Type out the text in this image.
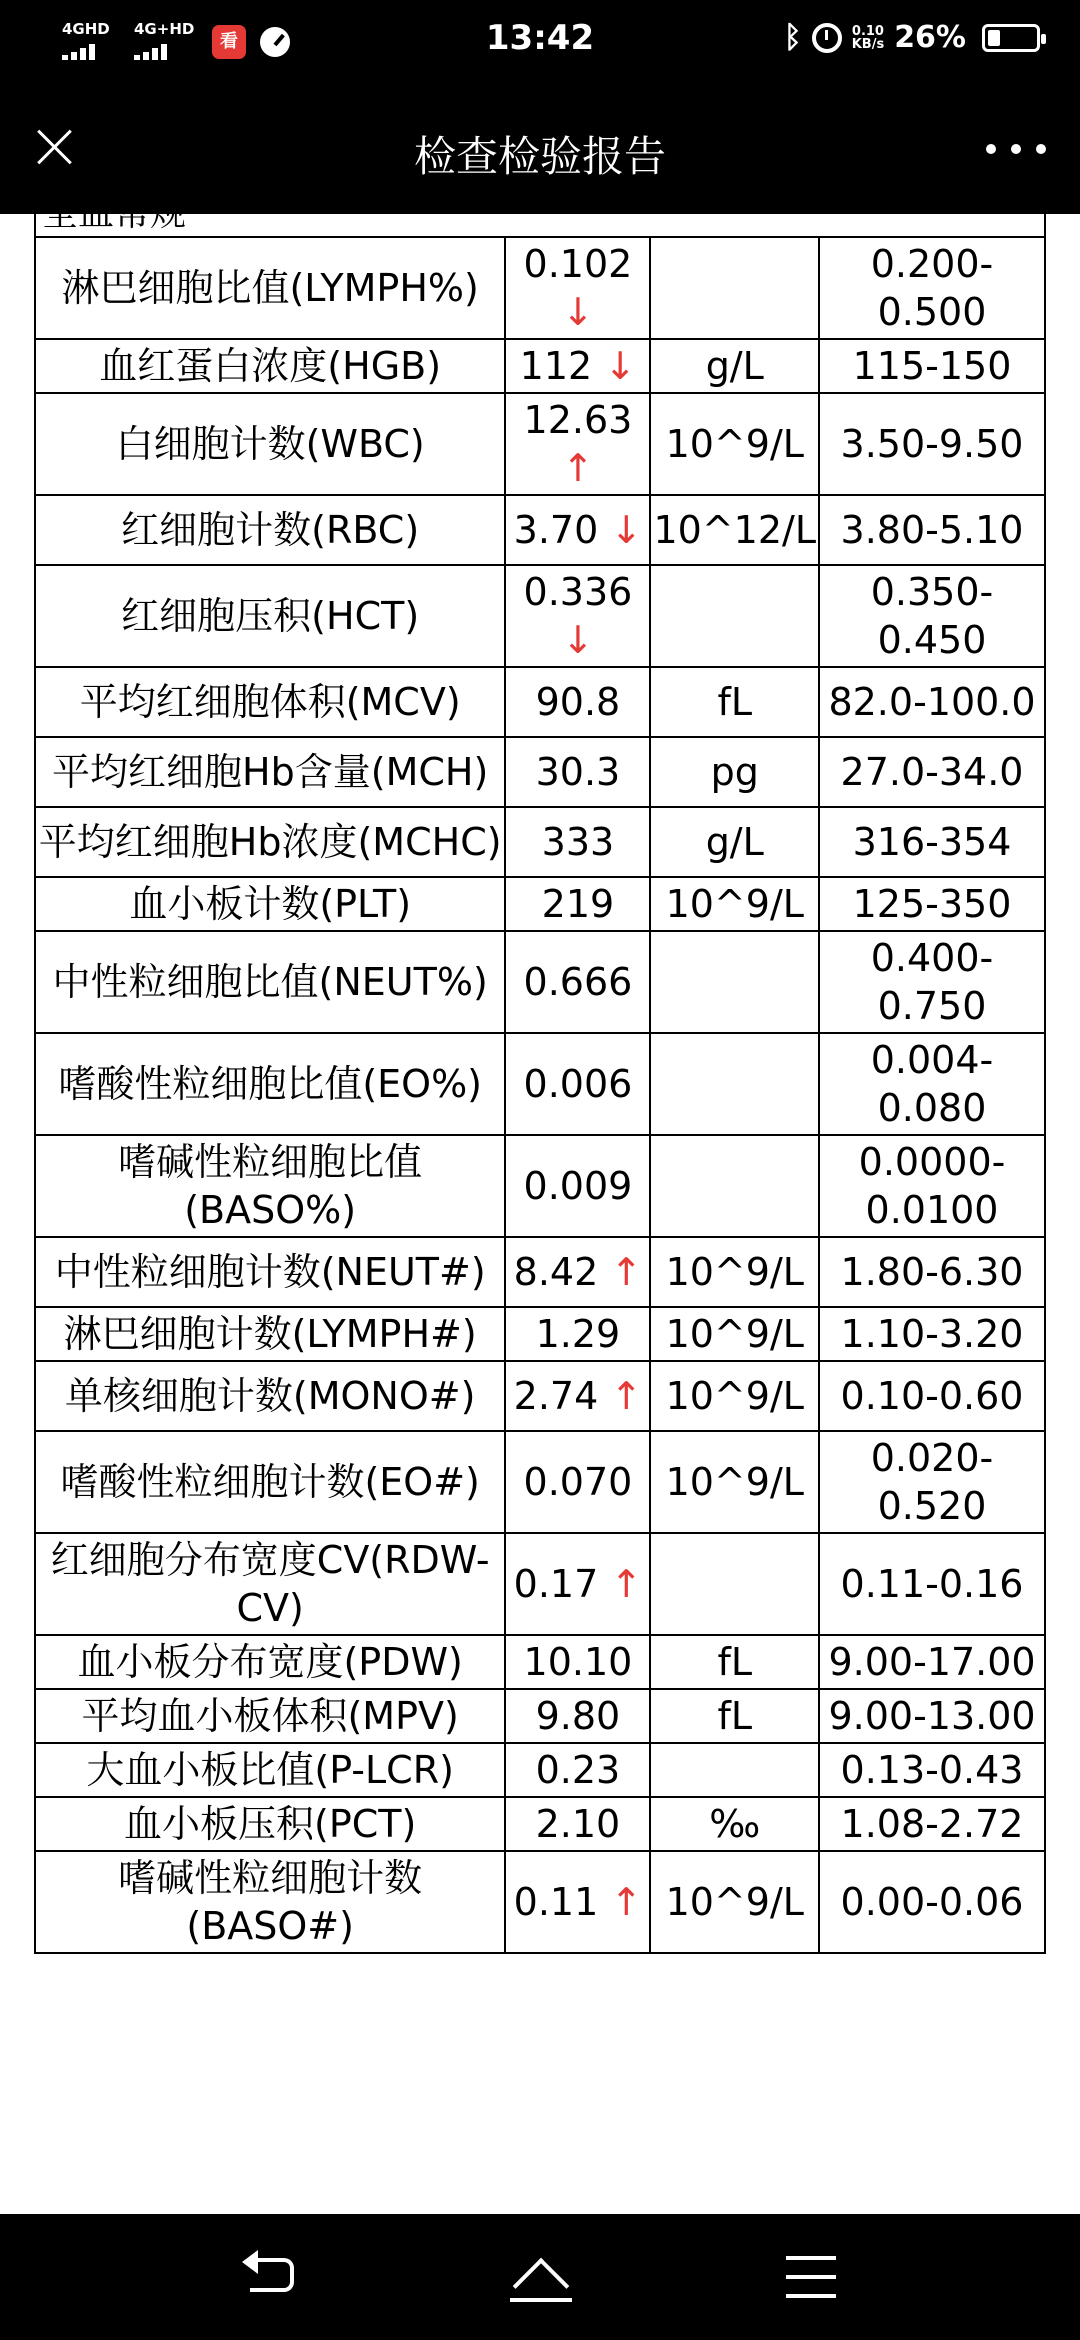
4GHD 4G+HD
看	13:42	ᛒ	0.10
KB/s 26%
检查检验报告
全血常规			
淋巴细胞比值(LYMPH%)	0.102 ↓		0.200-0.500
血红蛋白浓度(HGB)	112 ↓	g/L	115-150
白细胞计数(WBC)	12.63 ↑	10^9/L	3.50-9.50
红细胞计数(RBC)	3.70 ↓	10^12/L	3.80-5.10
红细胞压积(HCT)	0.336 ↓		0.350-0.450
平均红细胞体积(MCV)	90.8	fL	82.0-100.0
平均红细胞Hb含量(MCH)	30.3	pg	27.0-34.0
平均红细胞Hb浓度(MCHC)	333	g/L	316-354
血小板计数(PLT)	219	10^9/L	125-350
中性粒细胞比值(NEUT%)	0.666		0.400-0.750
嗜酸性粒细胞比值(EO%)	0.006		0.004-0.080
嗜碱性粒细胞比值(BASO%)	0.009		0.0000-0.0100
中性粒细胞计数(NEUT#)	8.42 ↑	10^9/L	1.80-6.30
淋巴细胞计数(LYMPH#)	1.29	10^9/L	1.10-3.20
单核细胞计数(MONO#)	2.74 ↑	10^9/L	0.10-0.60
嗜酸性粒细胞计数(EO#)	0.070	10^9/L	0.020-0.520
红细胞分布宽度CV(RDW-CV)	0.17 ↑		0.11-0.16
血小板分布宽度(PDW)	10.10	fL	9.00-17.00
平均血小板体积(MPV)	9.80	fL	9.00-13.00
大血小板比值(P-LCR)	0.23		0.13-0.43
血小板压积(PCT)	2.10	‰	1.08-2.72
嗜碱性粒细胞计数(BASO#)	0.11 ↑	10^9/L	0.00-0.06
